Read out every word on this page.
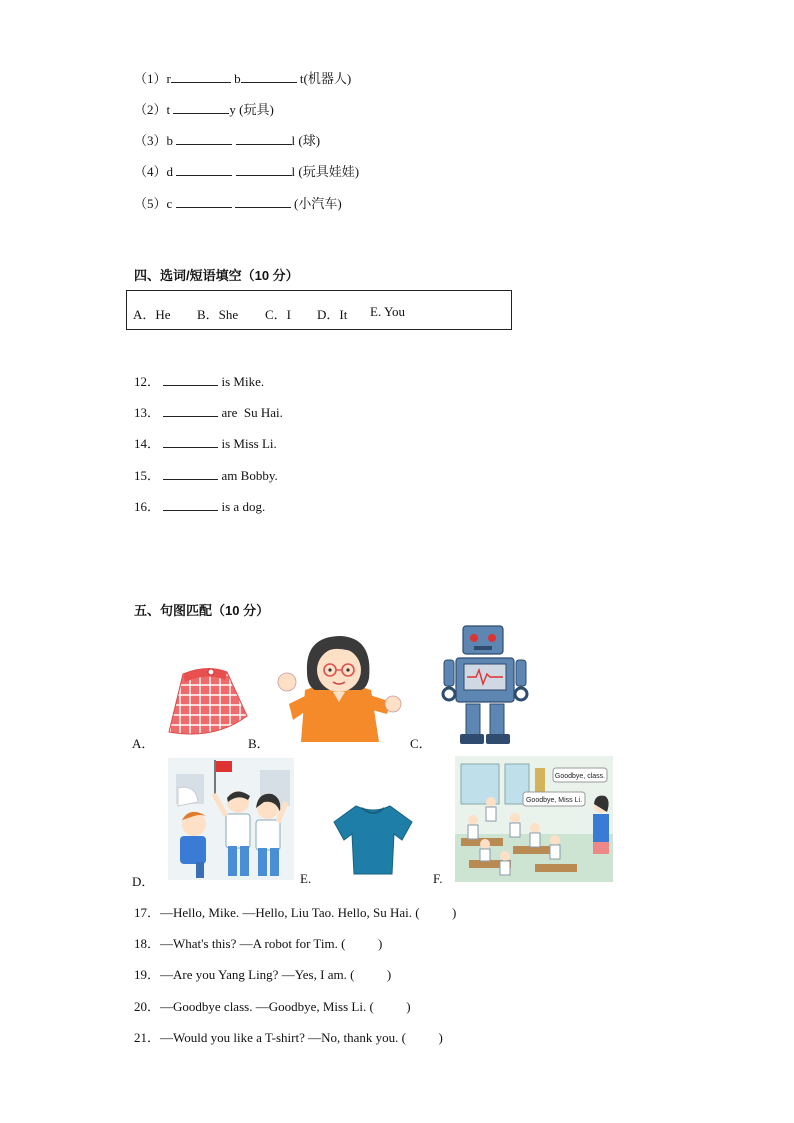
（1）r	b	t(机器人)
（2）t	y (玩具)
（3）b	l (球)
（4）d	l (玩具娃娃)
（5）c	(小汽车)
四、选词/短语填空（10 分）
A．He B．She C．I D．It E. You
12．	is Mike.
13．	are  Su Hai.
14．	is Miss Li.
15．	am Bobby.
16．	is a dog.
五、句图匹配（10 分）
A．	B．	C．
D．	E.	F.
Goodbye, class.
Goodbye, Miss Li.
17．—Hello, Mike. —Hello, Liu Tao. Hello, Su Hai. (          )
18．—What's this? —A robot for Tim. (          )
19．—Are you Yang Ling? —Yes, I am. (          )
20．—Goodbye class. —Goodbye, Miss Li. (          )
21．—Would you like a T-shirt? —No, thank you. (          )
